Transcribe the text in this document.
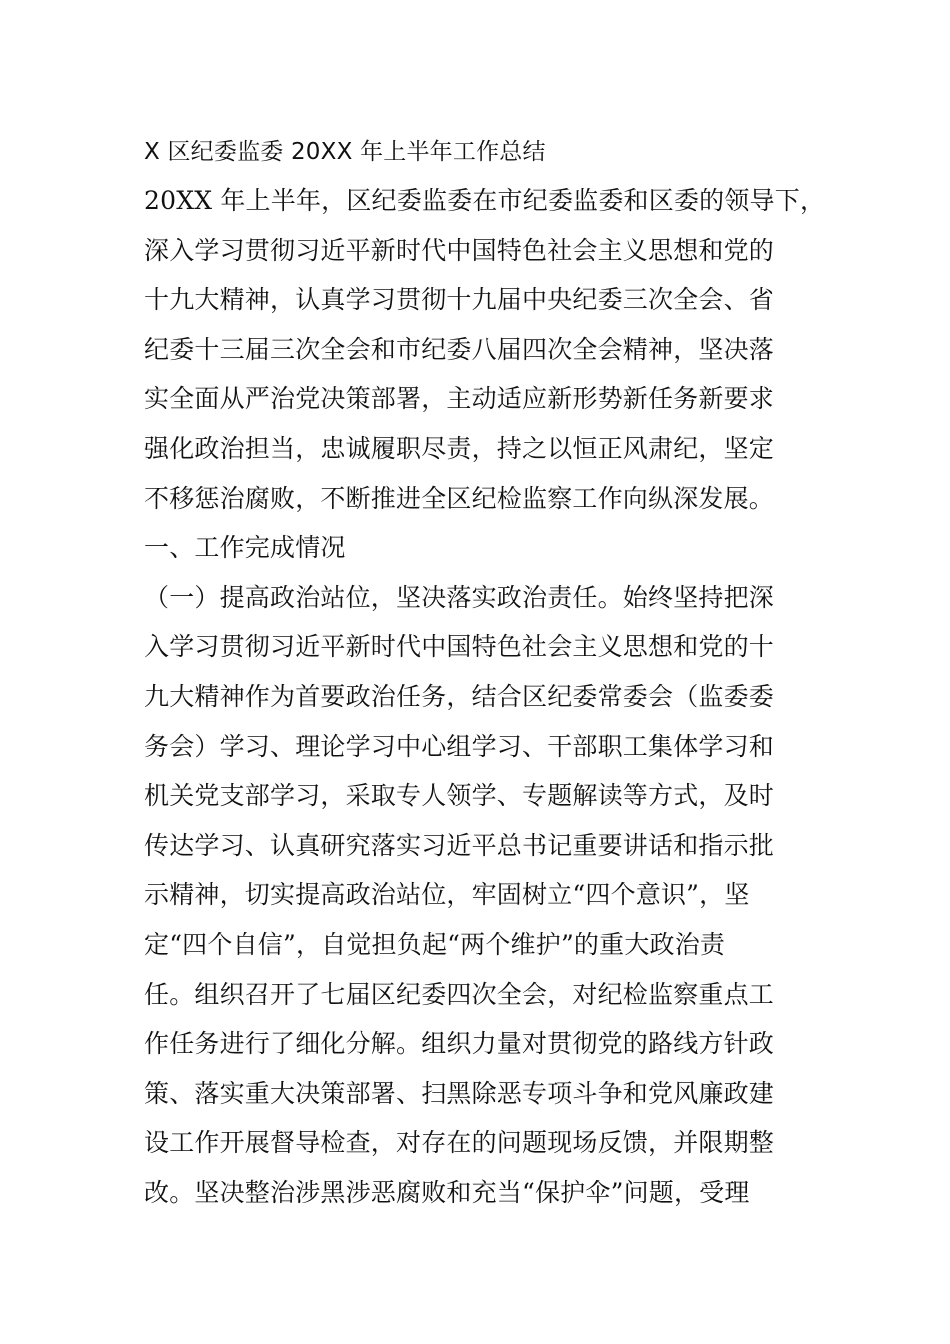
X 区纪委监委 20XX 年上半年工作总结
20XX 年上半年，区纪委监委在市纪委监委和区委的领导下，
深入学习贯彻习近平新时代中国特色社会主义思想和党的
十九大精神，认真学习贯彻十九届中央纪委三次全会、省
纪委十三届三次全会和市纪委八届四次全会精神，坚决落
实全面从严治党决策部署，主动适应新形势新任务新要求
强化政治担当，忠诚履职尽责，持之以恒正风肃纪，坚定
不移惩治腐败，不断推进全区纪检监察工作向纵深发展。
一、工作完成情况
（一）提高政治站位，坚决落实政治责任。始终坚持把深
入学习贯彻习近平新时代中国特色社会主义思想和党的十
九大精神作为首要政治任务，结合区纪委常委会（监委委
务会）学习、理论学习中心组学习、干部职工集体学习和
机关党支部学习，采取专人领学、专题解读等方式，及时
传达学习、认真研究落实习近平总书记重要讲话和指示批
示精神，切实提高政治站位，牢固树立“四个意识”，坚
定“四个自信”，自觉担负起“两个维护”的重大政治责
任。组织召开了七届区纪委四次全会，对纪检监察重点工
作任务进行了细化分解。组织力量对贯彻党的路线方针政
策、落实重大决策部署、扫黑除恶专项斗争和党风廉政建
设工作开展督导检查，对存在的问题现场反馈，并限期整
改。坚决整治涉黑涉恶腐败和充当“保护伞”问题，受理
